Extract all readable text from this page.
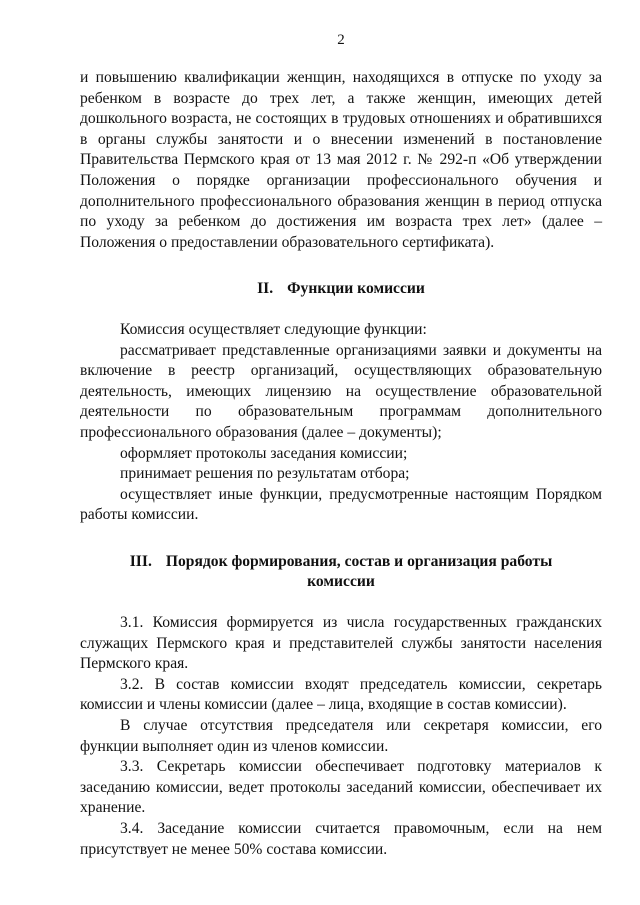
2

и повышению квалификации женщин, находящихся в отпуске по уходу за ребенком в возрасте до трех лет, а также женщин, имеющих детей дошкольного возраста, не состоящих в трудовых отношениях и обратившихся в органы службы занятости и о внесении изменений в постановление Правительства Пермского края от 13 мая 2012 г. № 292-п «Об утверждении Положения о порядке организации профессионального обучения и дополнительного профессионального образования женщин в период отпуска по уходу за ребенком до достижения им возраста трех лет» (далее – Положения о предоставлении образовательного сертификата).

II. Функции комиссии

Комиссия осуществляет следующие функции:

рассматривает представленные организациями заявки и документы на включение в реестр организаций, осуществляющих образовательную деятельность, имеющих лицензию на осуществление образовательной деятельности по образовательным программам дополнительного профессионального образования (далее – документы);

оформляет протоколы заседания комиссии;

принимает решения по результатам отбора;

осуществляет иные функции, предусмотренные настоящим Порядком работы комиссии.

III. Порядок формирования, состав и организация работы
комиссии

3.1. Комиссия формируется из числа государственных гражданских служащих Пермского края и представителей службы занятости населения Пермского края.

3.2. В состав комиссии входят председатель комиссии, секретарь комиссии и члены комиссии (далее – лица, входящие в состав комиссии).

В случае отсутствия председателя или секретаря комиссии, его функции выполняет один из членов комиссии.

3.3. Секретарь комиссии обеспечивает подготовку материалов к заседанию комиссии, ведет протоколы заседаний комиссии, обеспечивает их хранение.

3.4. Заседание комиссии считается правомочным, если на нем присутствует не менее 50% состава комиссии.
